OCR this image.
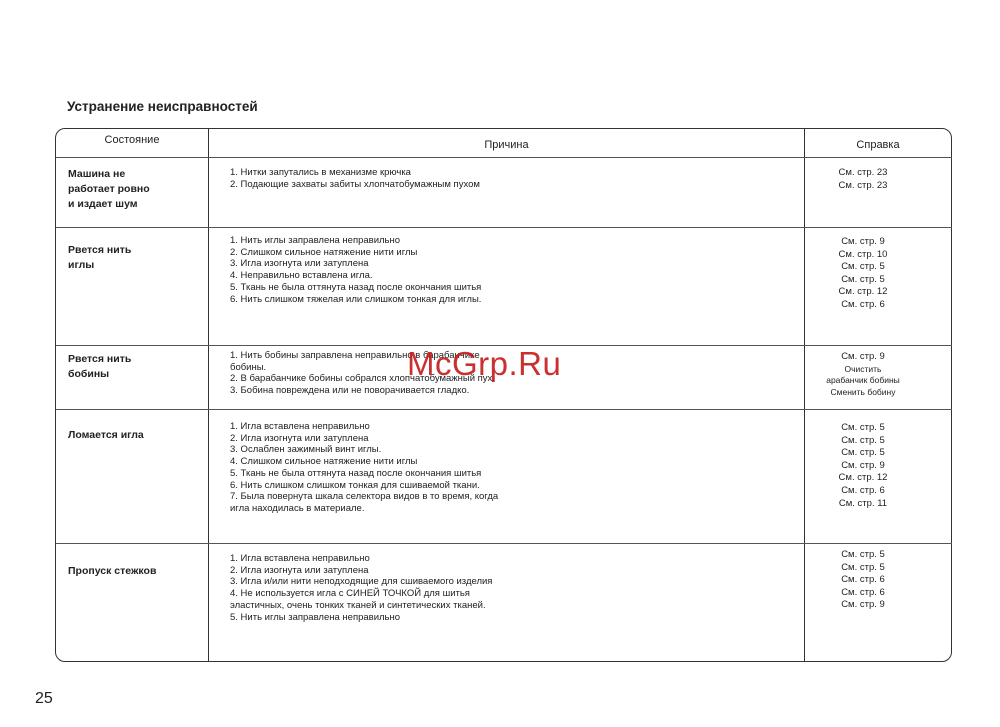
Устранение неисправностей
Состояние	Причина	Справка
Машина не
работает ровно
и издает шум
1. Нитки запутались в механизме крючка
2. Подающие захваты забиты хлопчатобумажным пухом
См. стр. 23
См. стр. 23
Рвется нить
иглы
1. Нить иглы заправлена неправильно
2. Слишком сильное натяжение нити иглы
3. Игла изогнута или затуплена
4. Неправильно вставлена игла.
5. Ткань не была оттянута назад после окончания шитья
6. Нить слишком тяжелая или слишком тонкая для иглы.
См. стр. 9
См. стр. 10
См. стр. 5
См. стр. 5
См. стр. 12
См. стр. 6
Рвется нить
бобины
1. Нить бобины заправлена неправильно в барабанчике
бобины.
2. В барабанчике бобины собрался хлопчатобумажный пух.
3. Бобина повреждена или не поворачивается гладко.
См. стр. 9
Очистить
арабанчик бобины
Сменить бобину
Ломается игла
1. Игла вставлена неправильно
2. Игла изогнута или затуплена
3. Ослаблен зажимный винт иглы.
4. Слишком сильное натяжение нити иглы
5. Ткань не была оттянута назад после окончания шитья
6. Нить слишком слишком тонкая для сшиваемой ткани.
7. Была повернута шкала селектора видов в то время, когда
игла находилась в материале.
См. стр. 5
См. стр. 5
См. стр. 5
См. стр. 9
См. стр. 12
См. стр. 6
См. стр. 11
Пропуск стежков
1. Игла вставлена неправильно
2. Игла изогнута или затуплена
3. Игла и/или нити неподходящие для сшиваемого изделия
4. Не используется игла с СИНЕЙ ТОЧКОЙ для шитья
эластичных, очень тонких тканей и синтетических тканей.
5. Нить иглы заправлена неправильно
См. стр. 5
См. стр. 5
См. стр. 6
См. стр. 6
См. стр. 9
McGrp.Ru
25
